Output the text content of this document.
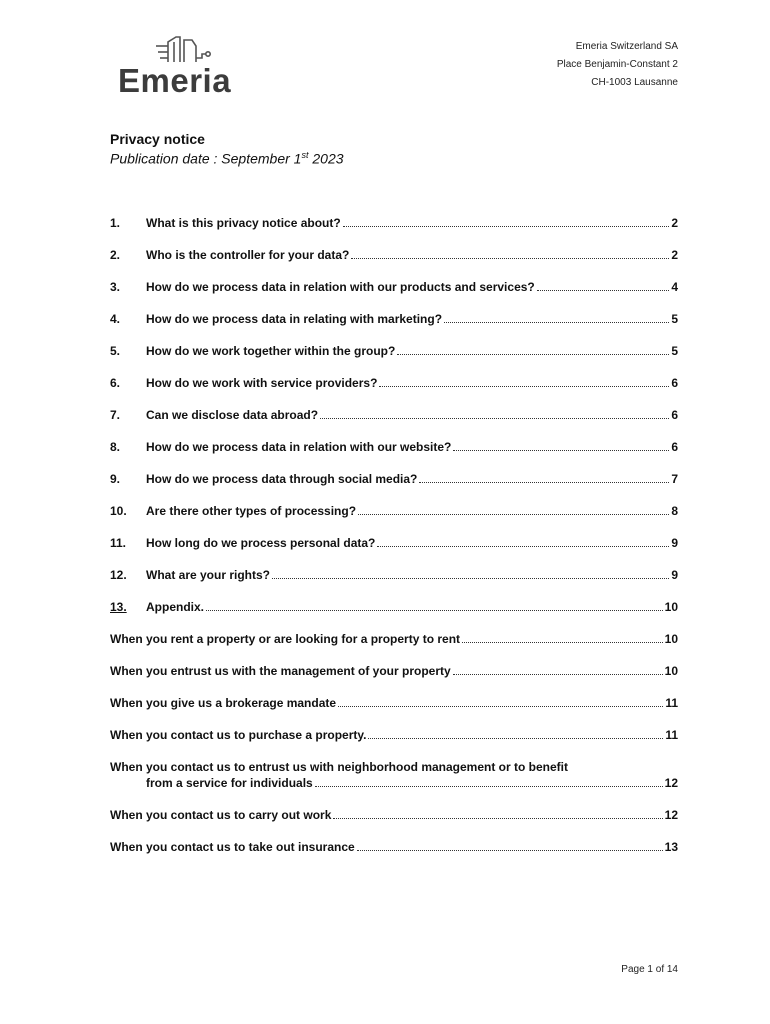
Emeria
Emeria Switzerland SA
Place Benjamin-Constant 2
CH-1003 Lausanne
Privacy notice
Publication date : September 1st 2023
1.	What is this privacy notice about?	2
2.	Who is the controller for your data?	2
3.	How do we process data in relation with our products and services?	4
4.	How do we process data in relating with marketing?	5
5.	How do we work together within the group?	5
6.	How do we work with service providers?	6
7.	Can we disclose data abroad?	6
8.	How do we process data in relation with our website?	6
9.	How do we process data through social media?	7
10.	Are there other types of processing?	8
11.	How long do we process personal data?	9
12.	What are your rights?	9
13.	Appendix.	10
When you rent a property or are looking for a property to rent	10
When you entrust us with the management of your property	10
When you give us a brokerage mandate	11
When you contact us to purchase a property.	11
When you contact us to entrust us with neighborhood management or to benefit
from a service for individuals	12
When you contact us to carry out work	12
When you contact us to take out insurance	13
Page 1 of 14
